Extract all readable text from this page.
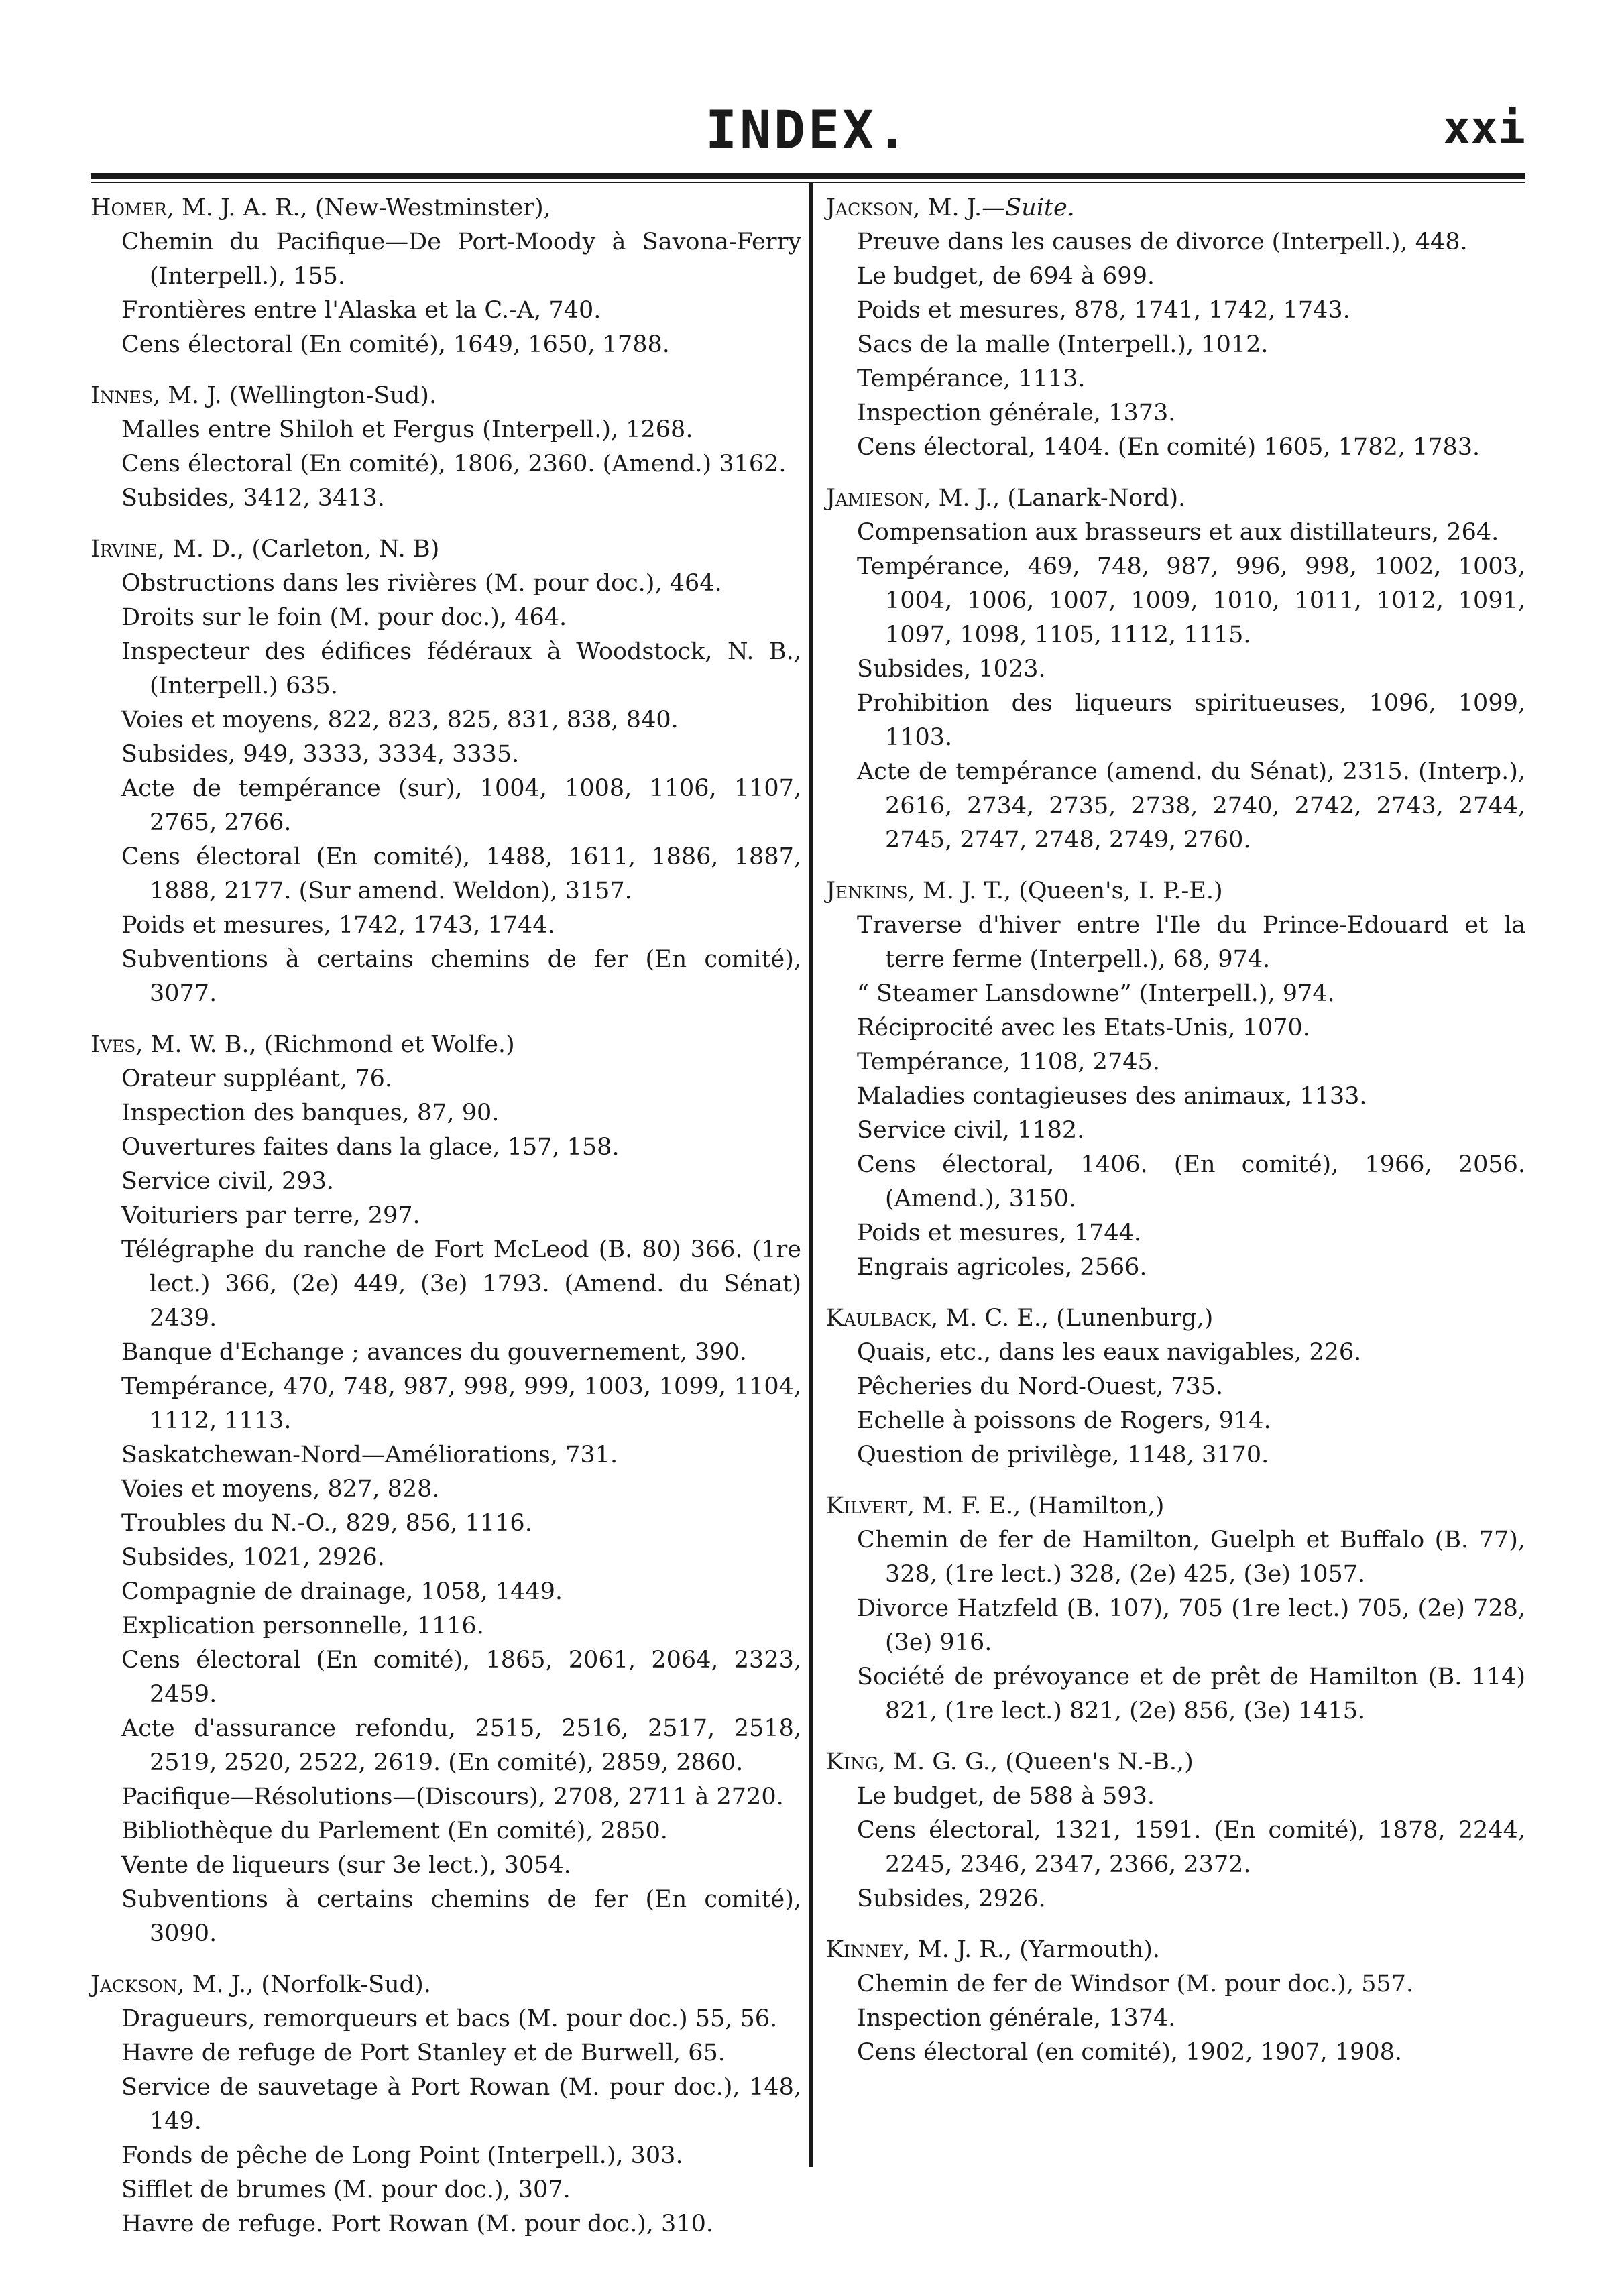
INDEX.	xxi
Homer, M. J. A. R., (New-Westminster),
Chemin du Pacifique—De Port-Moody à Savona-Ferry (Interpell.), 155.
Frontières entre l'Alaska et la C.-A, 740.
Cens électoral (En comité), 1649, 1650, 1788.
Innes, M. J. (Wellington-Sud).
Malles entre Shiloh et Fergus (Interpell.), 1268.
Cens électoral (En comité), 1806, 2360. (Amend.) 3162.
Subsides, 3412, 3413.
Irvine, M. D., (Carleton, N. B)
Obstructions dans les rivières (M. pour doc.), 464.
Droits sur le foin (M. pour doc.), 464.
Inspecteur des édifices fédéraux à Woodstock, N. B., (Interpell.) 635.
Voies et moyens, 822, 823, 825, 831, 838, 840.
Subsides, 949, 3333, 3334, 3335.
Acte de tempérance (sur), 1004, 1008, 1106, 1107, 2765, 2766.
Cens électoral (En comité), 1488, 1611, 1886, 1887, 1888, 2177. (Sur amend. Weldon), 3157.
Poids et mesures, 1742, 1743, 1744.
Subventions à certains chemins de fer (En comité), 3077.
Ives, M. W. B., (Richmond et Wolfe.)
Orateur suppléant, 76.
Inspection des banques, 87, 90.
Ouvertures faites dans la glace, 157, 158.
Service civil, 293.
Voituriers par terre, 297.
Télégraphe du ranche de Fort McLeod (B. 80) 366. (1re lect.) 366, (2e) 449, (3e) 1793. (Amend. du Sénat) 2439.
Banque d'Echange ; avances du gouvernement, 390.
Tempérance, 470, 748, 987, 998, 999, 1003, 1099, 1104, 1112, 1113.
Saskatchewan-Nord—Améliorations, 731.
Voies et moyens, 827, 828.
Troubles du N.-O., 829, 856, 1116.
Subsides, 1021, 2926.
Compagnie de drainage, 1058, 1449.
Explication personnelle, 1116.
Cens électoral (En comité), 1865, 2061, 2064, 2323, 2459.
Acte d'assurance refondu, 2515, 2516, 2517, 2518, 2519, 2520, 2522, 2619. (En comité), 2859, 2860.
Pacifique—Résolutions—(Discours), 2708, 2711 à 2720.
Bibliothèque du Parlement (En comité), 2850.
Vente de liqueurs (sur 3e lect.), 3054.
Subventions à certains chemins de fer (En comité), 3090.
Jackson, M. J., (Norfolk-Sud).
Dragueurs, remorqueurs et bacs (M. pour doc.) 55, 56.
Havre de refuge de Port Stanley et de Burwell, 65.
Service de sauvetage à Port Rowan (M. pour doc.), 148, 149.
Fonds de pêche de Long Point (Interpell.), 303.
Sifflet de brumes (M. pour doc.), 307.
Havre de refuge. Port Rowan (M. pour doc.), 310.
Jackson, M. J.—Suite.
Preuve dans les causes de divorce (Interpell.), 448.
Le budget, de 694 à 699.
Poids et mesures, 878, 1741, 1742, 1743.
Sacs de la malle (Interpell.), 1012.
Tempérance, 1113.
Inspection générale, 1373.
Cens électoral, 1404. (En comité) 1605, 1782, 1783.
Jamieson, M. J., (Lanark-Nord).
Compensation aux brasseurs et aux distillateurs, 264.
Tempérance, 469, 748, 987, 996, 998, 1002, 1003, 1004, 1006, 1007, 1009, 1010, 1011, 1012, 1091, 1097, 1098, 1105, 1112, 1115.
Subsides, 1023.
Prohibition des liqueurs spiritueuses, 1096, 1099, 1103.
Acte de tempérance (amend. du Sénat), 2315. (Interp.), 2616, 2734, 2735, 2738, 2740, 2742, 2743, 2744, 2745, 2747, 2748, 2749, 2760.
Jenkins, M. J. T., (Queen's, I. P.-E.)
Traverse d'hiver entre l'Ile du Prince-Edouard et la terre ferme (Interpell.), 68, 974.
“ Steamer Lansdowne” (Interpell.), 974.
Réciprocité avec les Etats-Unis, 1070.
Tempérance, 1108, 2745.
Maladies contagieuses des animaux, 1133.
Service civil, 1182.
Cens électoral, 1406. (En comité), 1966, 2056. (Amend.), 3150.
Poids et mesures, 1744.
Engrais agricoles, 2566.
Kaulback, M. C. E., (Lunenburg,)
Quais, etc., dans les eaux navigables, 226.
Pêcheries du Nord-Ouest, 735.
Echelle à poissons de Rogers, 914.
Question de privilège, 1148, 3170.
Kilvert, M. F. E., (Hamilton,)
Chemin de fer de Hamilton, Guelph et Buffalo (B. 77), 328, (1re lect.) 328, (2e) 425, (3e) 1057.
Divorce Hatzfeld (B. 107), 705 (1re lect.) 705, (2e) 728, (3e) 916.
Société de prévoyance et de prêt de Hamilton (B. 114) 821, (1re lect.) 821, (2e) 856, (3e) 1415.
King, M. G. G., (Queen's N.-B.,)
Le budget, de 588 à 593.
Cens électoral, 1321, 1591. (En comité), 1878, 2244, 2245, 2346, 2347, 2366, 2372.
Subsides, 2926.
Kinney, M. J. R., (Yarmouth).
Chemin de fer de Windsor (M. pour doc.), 557.
Inspection générale, 1374.
Cens électoral (en comité), 1902, 1907, 1908.
